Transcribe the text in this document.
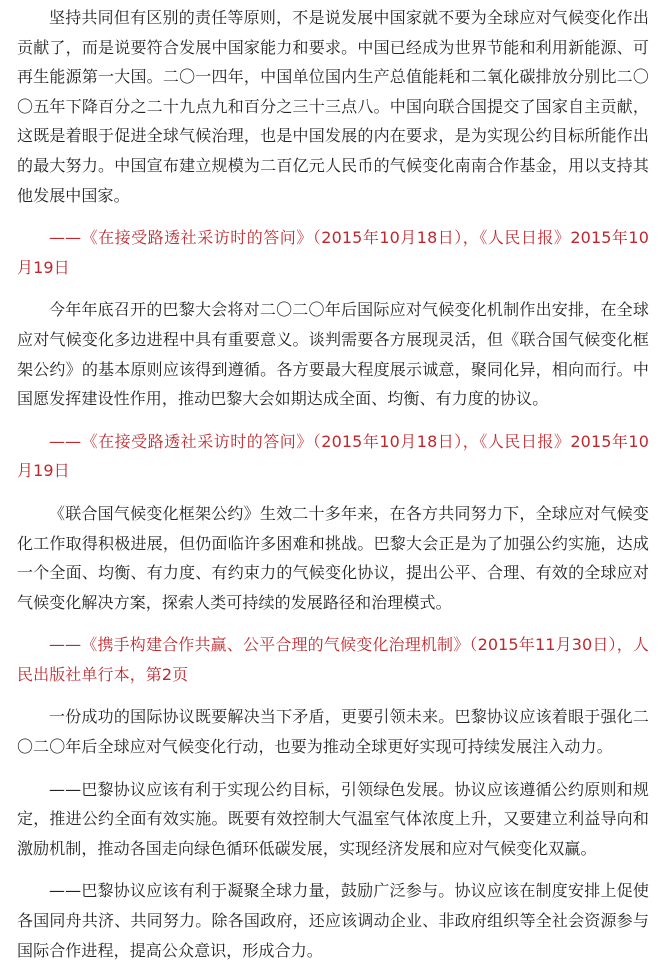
坚持共同但有区别的责任等原则，不是说发展中国家就不要为全球应对气候变化作出贡献了，而是说要符合发展中国家能力和要求。中国已经成为世界节能和利用新能源、可再生能源第一大国。二〇一四年，中国单位国内生产总值能耗和二氧化碳排放分别比二〇〇五年下降百分之二十九点九和百分之三十三点八。中国向联合国提交了国家自主贡献，这既是着眼于促进全球气候治理，也是中国发展的内在要求，是为实现公约目标所能作出的最大努力。中国宣布建立规模为二百亿元人民币的气候变化南南合作基金，用以支持其他发展中国家。

——《在接受路透社采访时的答问》（2015年10月18日），《人民日报》2015年10月19日

今年年底召开的巴黎大会将对二〇二〇年后国际应对气候变化机制作出安排，在全球应对气候变化多边进程中具有重要意义。谈判需要各方展现灵活，但《联合国气候变化框架公约》的基本原则应该得到遵循。各方要最大程度展示诚意，聚同化异，相向而行。中国愿发挥建设性作用，推动巴黎大会如期达成全面、均衡、有力度的协议。

——《在接受路透社采访时的答问》（2015年10月18日），《人民日报》2015年10月19日

《联合国气候变化框架公约》生效二十多年来，在各方共同努力下，全球应对气候变化工作取得积极进展，但仍面临许多困难和挑战。巴黎大会正是为了加强公约实施，达成一个全面、均衡、有力度、有约束力的气候变化协议，提出公平、合理、有效的全球应对气候变化解决方案，探索人类可持续的发展路径和治理模式。

——《携手构建合作共赢、公平合理的气候变化治理机制》（2015年11月30日），人民出版社单行本，第2页

一份成功的国际协议既要解决当下矛盾，更要引领未来。巴黎协议应该着眼于强化二〇二〇年后全球应对气候变化行动，也要为推动全球更好实现可持续发展注入动力。

——巴黎协议应该有利于实现公约目标，引领绿色发展。协议应该遵循公约原则和规定，推进公约全面有效实施。既要有效控制大气温室气体浓度上升，又要建立利益导向和激励机制，推动各国走向绿色循环低碳发展，实现经济发展和应对气候变化双赢。

——巴黎协议应该有利于凝聚全球力量，鼓励广泛参与。协议应该在制度安排上促使各国同舟共济、共同努力。除各国政府，还应该调动企业、非政府组织等全社会资源参与国际合作进程，提高公众意识，形成合力。
